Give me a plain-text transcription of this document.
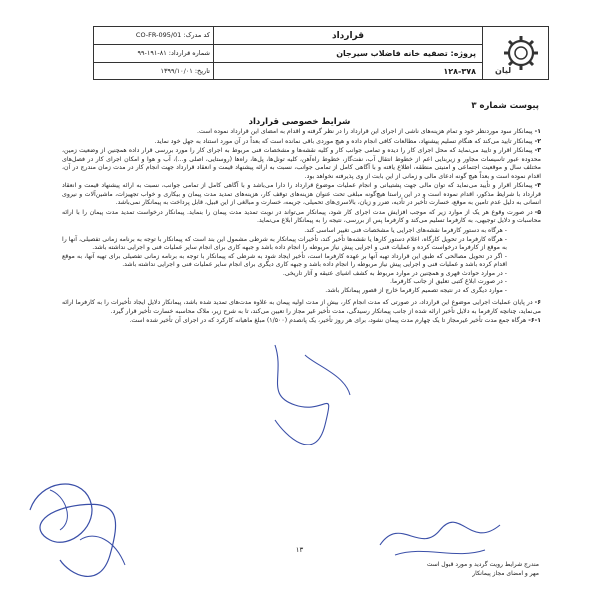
کد مدرک: CO-FR-095/01
شماره قرارداد: ۸۱-۱۹۱-۹۹
تاریخ: ۱۳۹۹/۱۰/۰۱
قرارداد
پروژه: تصفیه خانه فاضلاب سیرجان
۱۲۸-۳۷۸	لیان
پیوست شماره ۳
شرایط خصوصی قرارداد
۱-پیمانکار سود موردنظر خود و تمام هزینه‌های ناشی از اجرای این قرارداد را در نظر گرفته و اقدام به امضای این قرارداد نموده است.
۲-پیمانکار تایید می‌کند که هنگام تسلیم پیشنهاد، مطالعات کافی انجام داده و هیچ موردی باقی نمانده است که بعداً در آن مورد استناد به جهل خود نماید.
۳-پیمانکار اقرار و تایید می‌نماید که محل اجرای کار را دیده و تمامی جوانب کار و کلیه نقشه‌ها و مشخصات فنی مربوط به اجرای کار را مورد بررسی قرار داده همچنین از وضعیت زمین، محدوده عبور تاسیسات مجاور و زیربنایی اعم از خطوط انتقال آب، نفت‌گاز، خطوط راه‌آهن، کلیه تونل‌ها، پل‌ها، راه‌ها (روستایی، اصلی و...)، آب و هوا و امکان اجرای کار در فصل‌های مختلف سال و موقعیت اجتماعی و امنیتی منطقه، اطلاع یافته و با آگاهی کامل از تمامی جوانب، نسبت به ارائه پیشنهاد قیمت و انعقاد قرارداد جهت انجام کار در مدت زمان مندرج در آن، اقدام نموده است و بعداً هیچ گونه ادعای مالی و زمانی از این بابت از وی پذیرفته نخواهد بود.
۴-پیمانکار اقرار و تأیید می‌نماید که توان مالی جهت پشتیبانی و انجام عملیات موضوع قرارداد را دارا می‌باشد و با آگاهی کامل از تمامی جوانب، نسبت به ارائه پیشنهاد قیمت و انعقاد قرارداد با شرایط مذکور، اقدام نموده است و در این راستا هیچ‌گونه مبلغی تحت عنوان هزینه‌های توقف کار، هزینه‌های تمدید مدت پیمان و بیکاری و خواب تجهیزات، ماشین‌آلات و نیروی انسانی به دلیل عدم تامین به موقع، خسارت تأخیر در تأدیه، ضرر و زیان، بالاسری‌های تحمیلی، جریمه، خسارت و مبالغی از این قبیل، قابل پرداخت به پیمانکار نمی‌باشد.
۵-در صورت وقوع هر یک از موارد زیر که موجب افزایش مدت اجرای کار شود، پیمانکار می‌تواند در نوبت تمدید مدت پیمان را بنماید. پیمانکار درخواست تمدید مدت پیمان را با ارائه محاسبات و دلایل توجیهی، به کارفرما تسلیم می‌کند و کارفرما پس از بررسی، نتیجه را به پیمانکار ابلاغ می‌نماید.
- هرگاه به دستور کارفرما نقشه‌های اجرایی یا مشخصات فنی تغییر اساسی کند.
- هرگاه کارفرما در تحویل کارگاه، اعلام دستور کارها یا نقشه‌ها تأخیر کند، تأخیرات پیمانکار به شرطی مشمول این بند است که پیمانکار با توجه به برنامه زمانی تفصیلی، آنها را به موقع از کارفرما درخواست کرده و عملیات فنی و اجرایی پیش نیاز مربوطه را انجام داده باشد و جبهه کاری برای انجام سایر عملیات فنی و اجرایی نداشته باشد.
- اگر در تحویل مصالحی که طبق این قرارداد تهیه آنها بر عهده کارفرما است، تأخیر ایجاد شود به شرطی که پیمانکار با توجه به برنامه زمانی تفصیلی برای تهیه آنها، به موقع اقدام کرده باشد و عملیات فنی و اجرایی پیش نیاز مربوطه را انجام داده باشد و جبهه کاری دیگری برای انجام سایر عملیات فنی و اجرایی نداشته باشد.
- در موارد حوادث قهری و همچنین در موارد مربوط به کشف اشیای عتیقه و آثار تاریخی.
- در صورت ابلاغ کتبی تعلیق از جانب کارفرما.
- موارد دیگری که در نتیجه تصمیم کارفرما خارج از قصور پیمانکار باشد.
۶-در پایان عملیات اجرایی موضوع این قرارداد، در صورتی که مدت انجام کار، بیش از مدت اولیه پیمان به علاوه مدت‌های تمدید شده باشد، پیمانکار دلایل ایجاد تأخیرات را به کارفرما ارائه می‌نماید، چنانچه کارفرما به دلایل تأخیر ارائه شده از جانب پیمانکار رسیدگی، مدت تأخیر غیر مجاز را تعیین می‌کند، تا به شرح زیر، ملاک محاسبه خسارت تأخیر قرار گیرد.
۶-۱-هرگاه جمع مدت تأخیر غیرمجاز تا یک چهارم مدت پیمان نشود، برای هر روز تأخیر، یک پانصدم (۱/۵۰۰) مبلغ ماهیانه کارکرد که در اجرای آن تأخیر شده است.
۱۳
مندرج شرایط رویت گردید و مورد قبول است
مهر و امضای مجاز پیمانکار
